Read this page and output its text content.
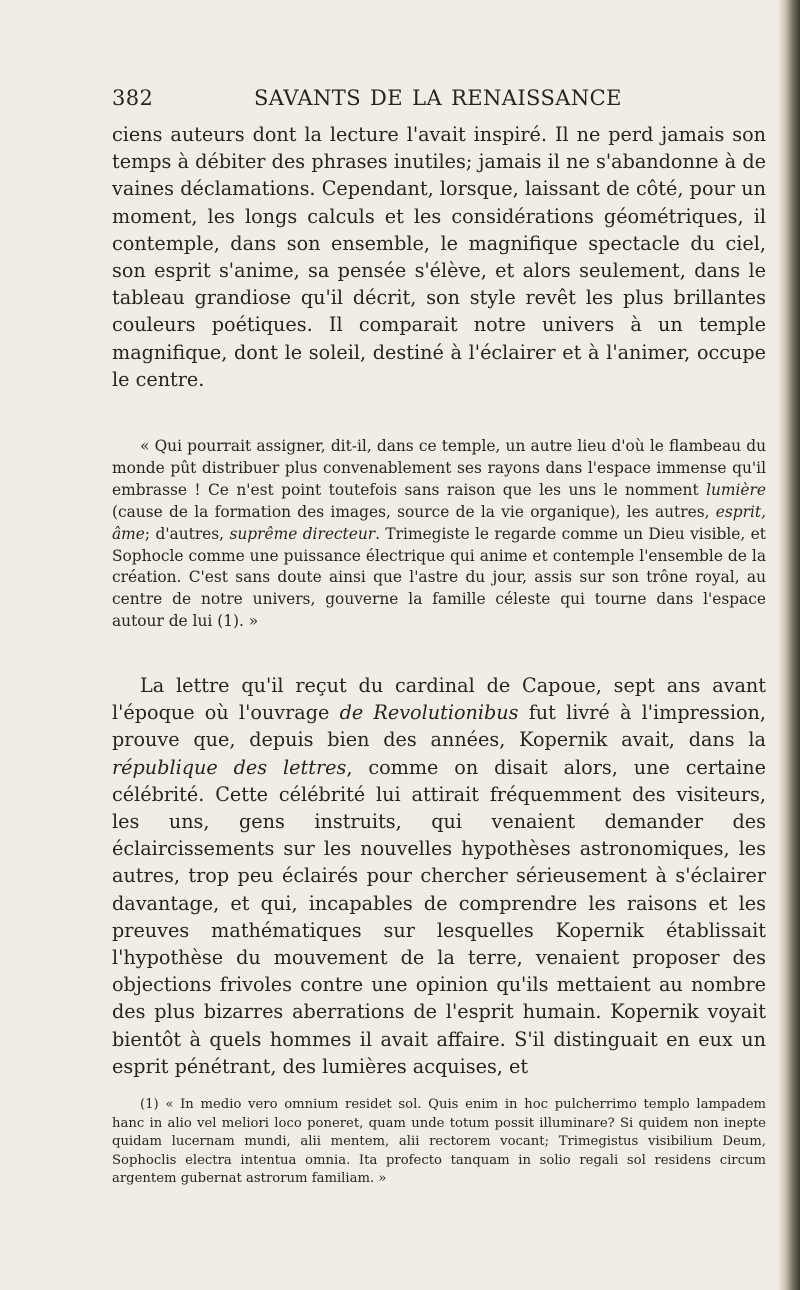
382	SAVANTS DE LA RENAISSANCE

ciens auteurs dont la lecture l'avait inspiré. Il ne perd jamais son temps à débiter des phrases inutiles; jamais il ne s'abandonne à de vaines déclamations. Cependant, lorsque, laissant de côté, pour un moment, les longs calculs et les considérations géométriques, il contemple, dans son ensemble, le magnifique spectacle du ciel, son esprit s'anime, sa pensée s'élève, et alors seulement, dans le tableau grandiose qu'il décrit, son style revêt les plus brillantes couleurs poétiques. Il comparait notre univers à un temple magnifique, dont le soleil, destiné à l'éclairer et à l'animer, occupe le centre.

« Qui pourrait assigner, dit-il, dans ce temple, un autre lieu d'où le flambeau du monde pût distribuer plus convenablement ses rayons dans l'espace immense qu'il embrasse ! Ce n'est point toutefois sans raison que les uns le nomment lumière (cause de la formation des images, source de la vie organique), les autres, esprit, âme; d'autres, suprême directeur. Trimegiste le regarde comme un Dieu visible, et Sophocle comme une puissance électrique qui anime et contemple l'ensemble de la création. C'est sans doute ainsi que l'astre du jour, assis sur son trône royal, au centre de notre univers, gouverne la famille céleste qui tourne dans l'espace autour de lui (1). »

La lettre qu'il reçut du cardinal de Capoue, sept ans avant l'époque où l'ouvrage de Revolutionibus fut livré à l'impression, prouve que, depuis bien des années, Kopernik avait, dans la république des lettres, comme on disait alors, une certaine célébrité. Cette célébrité lui attirait fréquemment des visiteurs, les uns, gens instruits, qui venaient demander des éclaircissements sur les nouvelles hypothèses astronomiques, les autres, trop peu éclairés pour chercher sérieusement à s'éclairer davantage, et qui, incapables de comprendre les raisons et les preuves mathématiques sur lesquelles Kopernik établissait l'hypothèse du mouvement de la terre, venaient proposer des objections frivoles contre une opinion qu'ils mettaient au nombre des plus bizarres aberrations de l'esprit humain. Kopernik voyait bientôt à quels hommes il avait affaire. S'il distinguait en eux un esprit pénétrant, des lumières acquises, et

(1) « In medio vero omnium residet sol. Quis enim in hoc pulcherrimo templo lampadem hanc in alio vel meliori loco poneret, quam unde totum possit illuminare? Si quidem non inepte quidam lucernam mundi, alii mentem, alii rectorem vocant; Trimegistus visibilium Deum, Sophoclis electra intentua omnia. Ita profecto tanquam in solio regali sol residens circum argentem gubernat astrorum familiam. »
